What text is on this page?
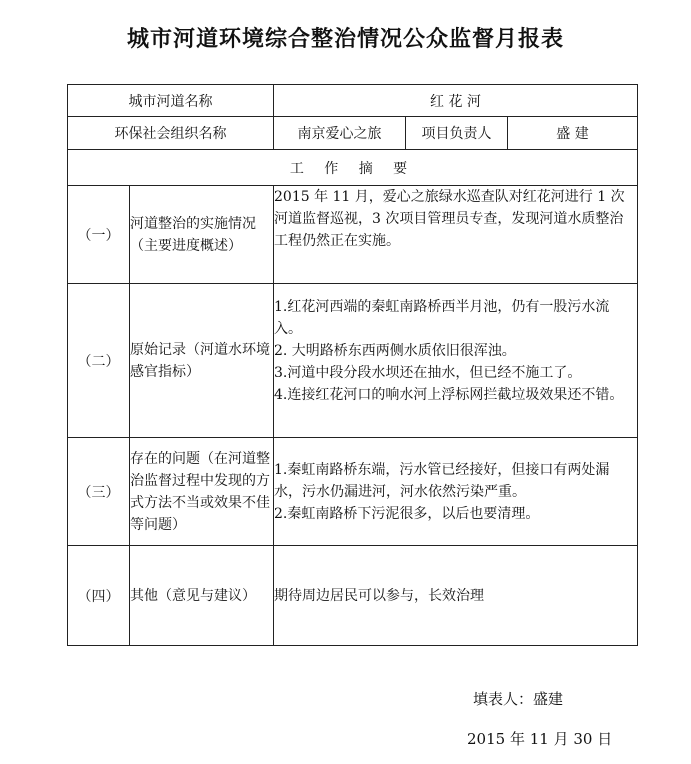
城市河道环境综合整治情况公众监督月报表
城市河道名称		红 花 河		
环保社会组织名称		南京爱心之旅	项目负责人	盛 建
工 作 摘 要				
（一）	河道整治的实施情况（主要进度概述）	2015 年 11 月，爱心之旅绿水巡查队对红花河进行 1 次河道监督巡视，3 次项目管理员专查，发现河道水质整治工程仍然正在实施。		

（二）	原始记录（河道水环境感官指标）	1.红花河西端的秦虹南路桥西半月池，仍有一股污水流入。

2. 大明路桥东西两侧水质依旧很浑浊。

3.河道中段分段水坝还在抽水，但已经不施工了。

4.连接红花河口的响水河上浮标网拦截垃圾效果还不错。		

（三）	存在的问题（在河道整治监督过程中发现的方式方法不当或效果不佳等问题）	1.秦虹南路桥东端，污水管已经接好，但接口有两处漏水，污水仍漏进河，河水依然污染严重。

2.秦虹南路桥下污泥很多，以后也要清理。		

（四）	其他（意见与建议）	期待周边居民可以参与，长效治理		

填表人：盛建
2015 年 11 月 30 日
